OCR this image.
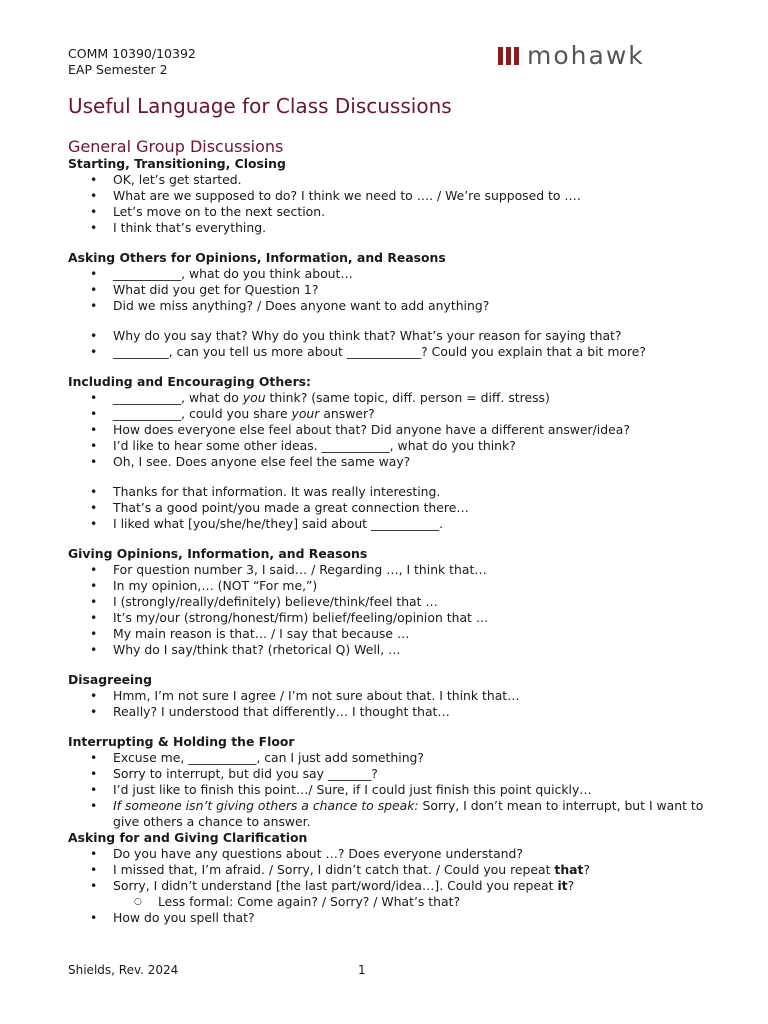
COMM 10390/10392
EAP Semester 2	mohawk
Useful Language for Class Discussions
General Group Discussions

Starting, Transitioning, Closing

• OK, let’s get started.
• What are we supposed to do? I think we need to …. / We’re supposed to ….
• Let’s move on to the next section.
• I think that’s everything.

Asking Others for Opinions, Information, and Reasons

• ___________, what do you think about…
• What did you get for Question 1?
• Did we miss anything? / Does anyone want to add anything?
• Why do you say that? Why do you think that? What’s your reason for saying that?
• _________, can you tell us more about ____________? Could you explain that a bit more?

Including and Encouraging Others:

• ___________, what do you think? (same topic, diff. person = diff. stress)
• ___________, could you share your answer?
• How does everyone else feel about that? Did anyone have a different answer/idea?
• I’d like to hear some other ideas. ___________, what do you think?
• Oh, I see. Does anyone else feel the same way?
• Thanks for that information. It was really interesting.
• That’s a good point/you made a great connection there…
• I liked what [you/she/he/they] said about ___________.

Giving Opinions, Information, and Reasons

• For question number 3, I said… / Regarding …, I think that…
• In my opinion,… (NOT “For me,”)
• I (strongly/really/definitely) believe/think/feel that …
• It’s my/our (strong/honest/firm) belief/feeling/opinion that …
• My main reason is that… / I say that because …
• Why do I say/think that? (rhetorical Q) Well, …

Disagreeing

• Hmm, I’m not sure I agree / I’m not sure about that. I think that…
• Really? I understood that differently… I thought that…

Interrupting & Holding the Floor

• Excuse me, ___________, can I just add something?
• Sorry to interrupt, but did you say _______?
• I’d just like to finish this point…/ Sure, if I could just finish this point quickly…
• If someone isn’t giving others a chance to speak: Sorry, I don’t mean to interrupt, but I want to give others a chance to answer.

Asking for and Giving Clarification

• Do you have any questions about …? Does everyone understand?
• I missed that, I’m afraid. / Sorry, I didn’t catch that. / Could you repeat that?
• Sorry, I didn’t understand [the last part/word/idea…]. Could you repeat it?
○ Less formal: Come again? / Sorry? / What’s that?
• How do you spell that?
Shields, Rev. 2024	1
